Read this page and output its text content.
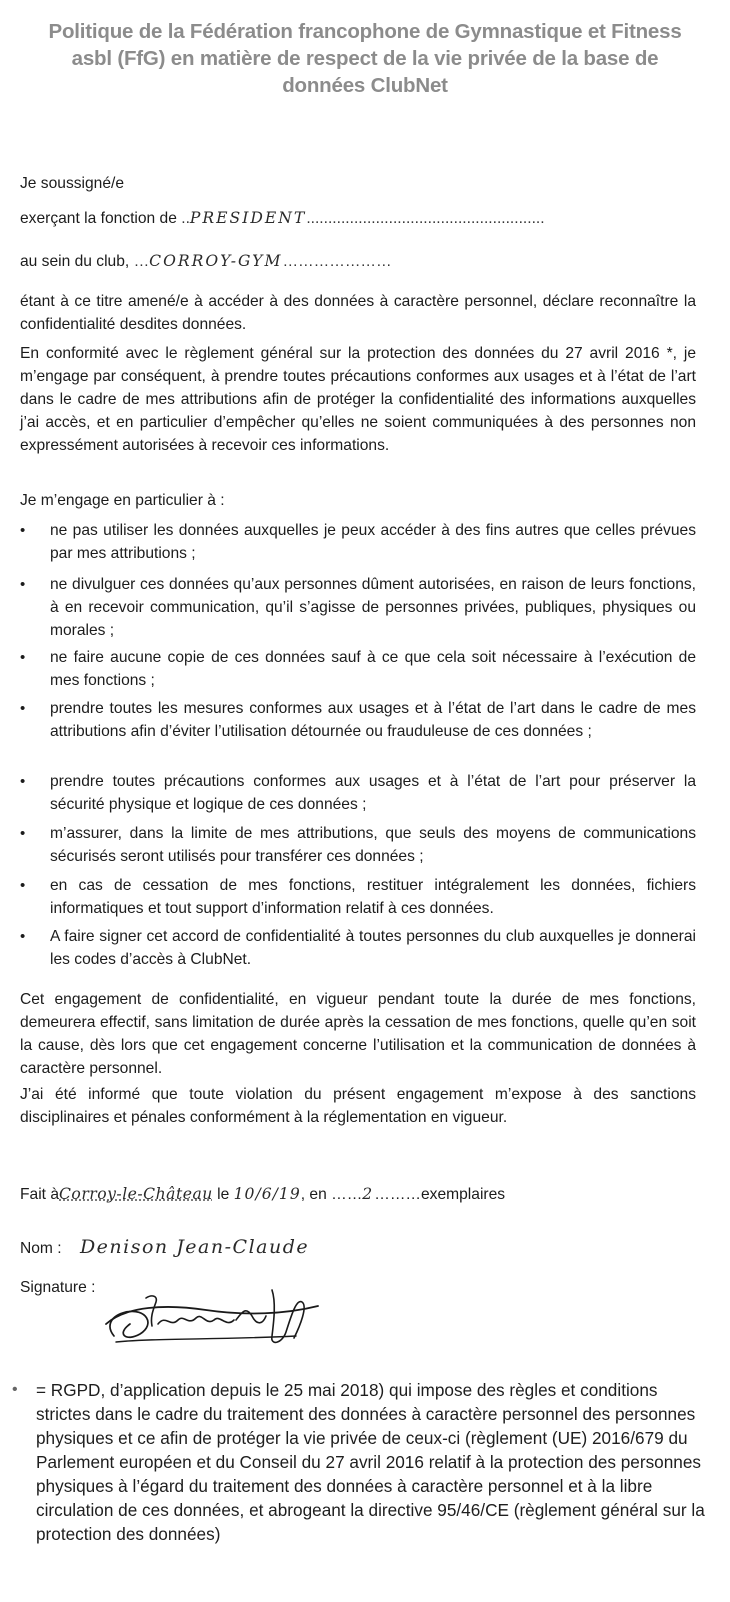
Politique de la Fédération francophone de Gymnastique et Fitness asbl (FfG) en matière de respect de la vie privée de la base de données ClubNet
Je soussigné/e
exerçant la fonction de ..PRESIDENT.......................................................
au sein du club, …CORROY-GYM…………………
étant à ce titre amené/e à accéder à des données à caractère personnel, déclare reconnaître la confidentialité desdites données.
En conformité avec le règlement général sur la protection des données du 27 avril 2016 *, je m’engage par conséquent, à prendre toutes précautions conformes aux usages et à l’état de l’art dans le cadre de mes attributions afin de protéger la confidentialité des informations auxquelles j’ai accès, et en particulier d’empêcher qu’elles ne soient communiquées à des personnes non expressément autorisées à recevoir ces informations.
Je m’engage en particulier à :
• ne pas utiliser les données auxquelles je peux accéder à des fins autres que celles prévues par mes attributions ;
• ne divulguer ces données qu’aux personnes dûment autorisées, en raison de leurs fonctions, à en recevoir communication, qu’il s’agisse de personnes privées, publiques, physiques ou morales ;
• ne faire aucune copie de ces données sauf à ce que cela soit nécessaire à l’exécution de mes fonctions ;
• prendre toutes les mesures conformes aux usages et à l’état de l’art dans le cadre de mes attributions afin d’éviter l’utilisation détournée ou frauduleuse de ces données ;
• prendre toutes précautions conformes aux usages et à l’état de l’art pour préserver la sécurité physique et logique de ces données ;
• m’assurer, dans la limite de mes attributions, que seuls des moyens de communications sécurisés seront utilisés pour transférer ces données ;
• en cas de cessation de mes fonctions, restituer intégralement les données, fichiers informatiques et tout support d’information relatif à ces données.
• A faire signer cet accord de confidentialité à toutes personnes du club auxquelles je donnerai les codes d’accès à ClubNet.
Cet engagement de confidentialité, en vigueur pendant toute la durée de mes fonctions, demeurera effectif, sans limitation de durée après la cessation de mes fonctions, quelle qu’en soit la cause, dès lors que cet engagement concerne l’utilisation et la communication de données à caractère personnel.
J’ai été informé que toute violation du présent engagement m’expose à des sanctions disciplinaires et pénales conformément à la réglementation en vigueur.
Fait àCorroy-le-Château le 10/6/19, en ……2………exemplaires
Nom : Denison Jean-Claude
Signature :
• = RGPD, d’application depuis le 25 mai 2018) qui impose des règles et conditions strictes dans le cadre du traitement des données à caractère personnel des personnes physiques et ce afin de protéger la vie privée de ceux-ci (règlement (UE) 2016/679 du Parlement européen et du Conseil du 27 avril 2016 relatif à la protection des personnes physiques à l’égard du traitement des données à caractère personnel et à la libre circulation de ces données, et abrogeant la directive 95/46/CE (règlement général sur la protection des données)
